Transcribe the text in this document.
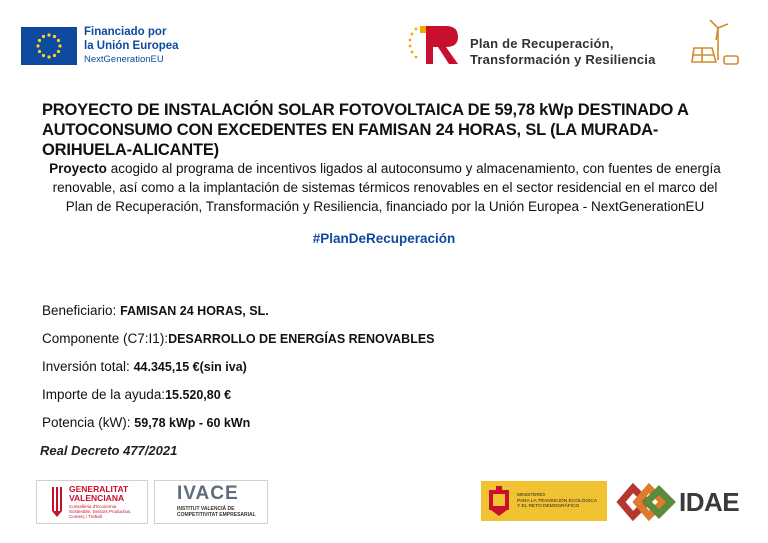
Financiado por
la Unión Europea
NextGenerationEU
Plan de Recuperación,
Transformación y Resiliencia
PROYECTO DE INSTALACIÓN SOLAR FOTOVOLTAICA DE 59,78 kWp DESTINADO A AUTOCONSUMO CON EXCEDENTES EN FAMISAN 24 HORAS, SL (LA MURADA-ORIHUELA-ALICANTE)
Proyecto acogido al programa de incentivos ligados al autoconsumo y almacenamiento, con fuentes de energía renovable, así como a la implantación de sistemas térmicos renovables en el sector residencial en el marco del Plan de Recuperación, Transformación y Resiliencia, financiado por la Unión Europea - NextGenerationEU
#PlanDeRecuperación
Beneficiario: FAMISAN 24 HORAS, SL.
Componente (C7:I1):DESARROLLO DE ENERGÍAS RENOVABLES
Inversión total: 44.345,15 €(sin iva)
Importe de la ayuda:15.520,80 €
Potencia (kW): 59,78 kWp - 60 kWn
Real Decreto 477/2021
GENERALITAT
VALENCIANA
Conselleria d'Economia
Sostenible, Sectors Productius,
Comerç i Treball
IVACE
INSTITUT VALENCIÀ DE
COMPETITIVITAT EMPRESARIAL
MINISTERIO
PARA LA TRANSICIÓN ECOLÓGICA
Y EL RETO DEMOGRÁFICO	IDAE
